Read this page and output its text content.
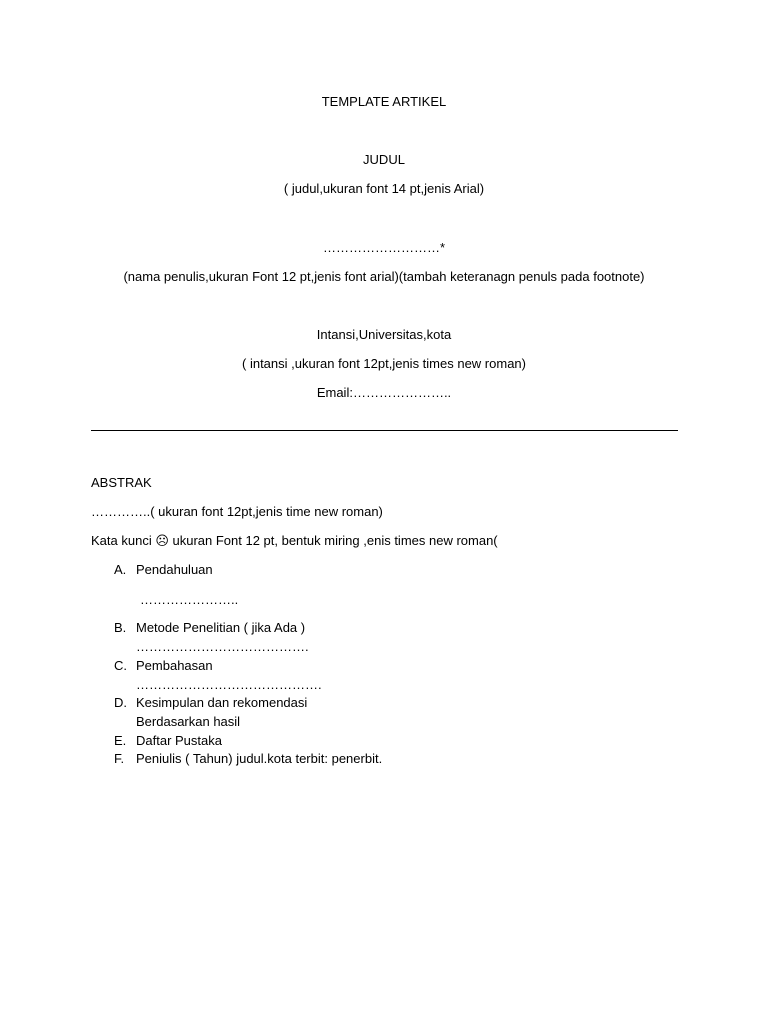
TEMPLATE ARTIKEL
JUDUL
( judul,ukuran font 14 pt,jenis Arial)
………………………*
(nama penulis,ukuran Font 12 pt,jenis font arial)(tambah keteranagn penuls pada footnote)
Intansi,Universitas,kota
( intansi ,ukuran font 12pt,jenis times new roman)
Email:…………………..
ABSTRAK
…………..( ukuran font 12pt,jenis time new roman)
Kata kunci ☹ ukuran Font 12 pt, bentuk miring ,enis times new roman(
A. Pendahuluan
…………………..
B. Metode Penelitian ( jika Ada )
………………………………….
C. Pembahasan
…………………………………….
D. Kesimpulan dan rekomendasi
Berdasarkan hasil
E. Daftar Pustaka
F. Peniulis ( Tahun) judul.kota terbit: penerbit.
